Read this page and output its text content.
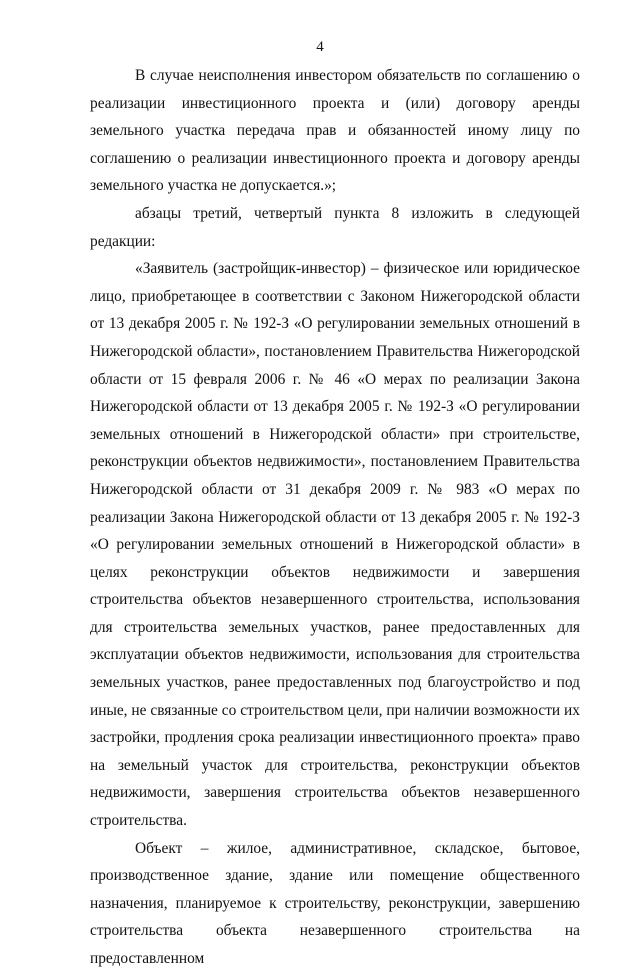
4

В случае неисполнения инвестором обязательств по соглашению о реализации инвестиционного проекта и (или) договору аренды земельного участка передача прав и обязанностей иному лицу по соглашению о реализации инвестиционного проекта и договору аренды земельного участка не допускается.»;

абзацы третий, четвертый пункта 8 изложить в следующей редакции:

«Заявитель (застройщик-инвестор) – физическое или юридическое лицо, приобретающее в соответствии с Законом Нижегородской области от 13 декабря 2005 г. № 192-З «О регулировании земельных отношений в Нижегородской области», постановлением Правительства Нижегородской области от 15 февраля 2006 г. № 46 «О мерах по реализации Закона Нижегородской области от 13 декабря 2005 г. № 192-З «О регулировании земельных отношений в Нижегородской области» при строительстве, реконструкции объектов недвижимости», постановлением Правительства Нижегородской области от 31 декабря 2009 г. № 983 «О мерах по реализации Закона Нижегородской области от 13 декабря 2005 г. № 192-З «О регулировании земельных отношений в Нижегородской области» в целях реконструкции объектов недвижимости и завершения строительства объектов незавершенного строительства, использования для строительства земельных участков, ранее предоставленных для эксплуатации объектов недвижимости, использования для строительства земельных участков, ранее предоставленных под благоустройство и под иные, не связанные со строительством цели, при наличии возможности их застройки, продления срока реализации инвестиционного проекта» право на земельный участок для строительства, реконструкции объектов недвижимости, завершения строительства объектов незавершенного строительства.

Объект – жилое, административное, складское, бытовое, производственное здание, здание или помещение общественного назначения, планируемое к строительству, реконструкции, завершению строительства объекта незавершенного строительства на предоставленном
